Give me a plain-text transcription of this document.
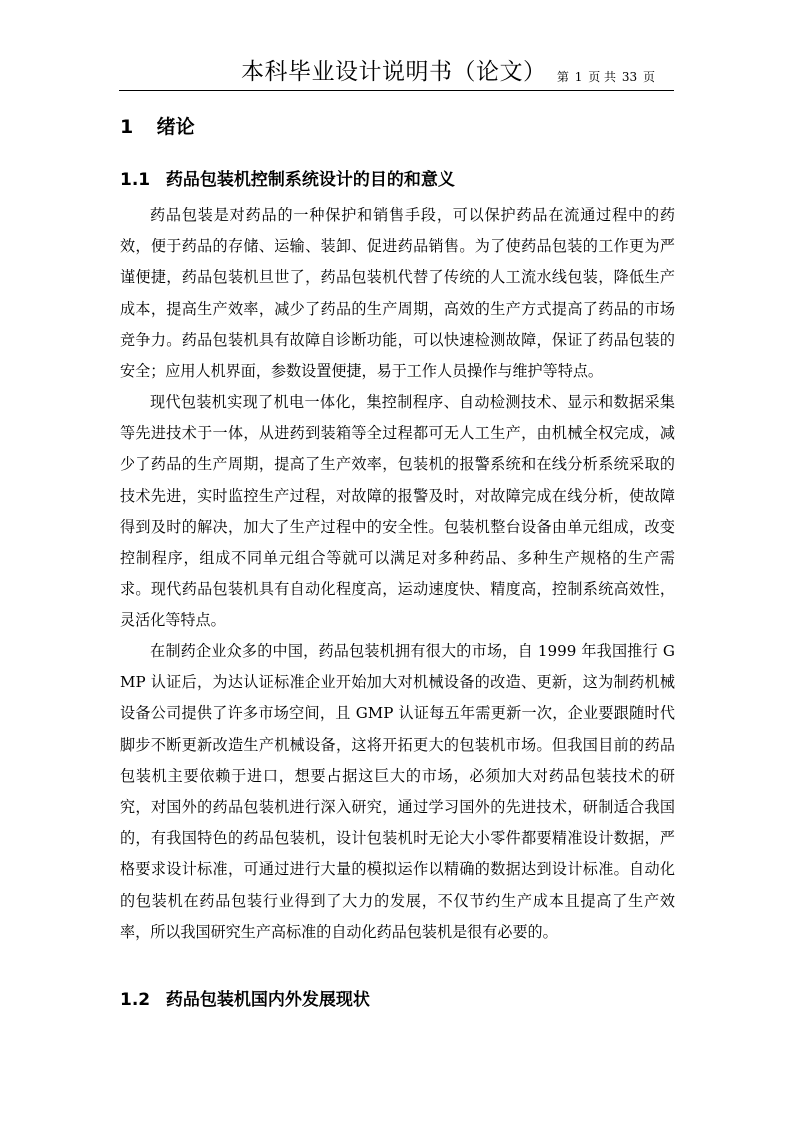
本科毕业设计说明书（论文） 第 1 页 共 33 页
1 绪论
1.1 药品包装机控制系统设计的目的和意义

药品包装是对药品的一种保护和销售手段，可以保护药品在流通过程中的药效，便于药品的存储、运输、装卸、促进药品销售。为了使药品包装的工作更为严谨便捷，药品包装机旦世了，药品包装机代替了传统的人工流水线包装，降低生产成本，提高生产效率，减少了药品的生产周期，高效的生产方式提高了药品的市场竞争力。药品包装机具有故障自诊断功能，可以快速检测故障，保证了药品包装的安全；应用人机界面，参数设置便捷，易于工作人员操作与维护等特点。

现代包装机实现了机电一体化，集控制程序、自动检测技术、显示和数据采集等先进技术于一体，从进药到装箱等全过程都可无人工生产，由机械全权完成，减少了药品的生产周期，提高了生产效率，包装机的报警系统和在线分析系统采取的技术先进，实时监控生产过程，对故障的报警及时，对故障完成在线分析，使故障得到及时的解决，加大了生产过程中的安全性。包装机整台设备由单元组成，改变控制程序，组成不同单元组合等就可以满足对多种药品、多种生产规格的生产需求。现代药品包装机具有自动化程度高，运动速度快、精度高，控制系统高效性，灵活化等特点。

在制药企业众多的中国，药品包装机拥有很大的市场，自 1999 年我国推行 GMP 认证后，为达认证标准企业开始加大对机械设备的改造、更新，这为制药机械设备公司提供了许多市场空间，且 GMP 认证每五年需更新一次，企业要跟随时代脚步不断更新改造生产机械设备，这将开拓更大的包装机市场。但我国目前的药品包装机主要依赖于进口，想要占据这巨大的市场，必须加大对药品包装技术的研究，对国外的药品包装机进行深入研究，通过学习国外的先进技术，研制适合我国的，有我国特色的药品包装机，设计包装机时无论大小零件都要精准设计数据，严格要求设计标准，可通过进行大量的模拟运作以精确的数据达到设计标准。自动化的包装机在药品包装行业得到了大力的发展，不仅节约生产成本且提高了生产效率，所以我国研究生产高标准的自动化药品包装机是很有必要的。

1.2 药品包装机国内外发展现状
